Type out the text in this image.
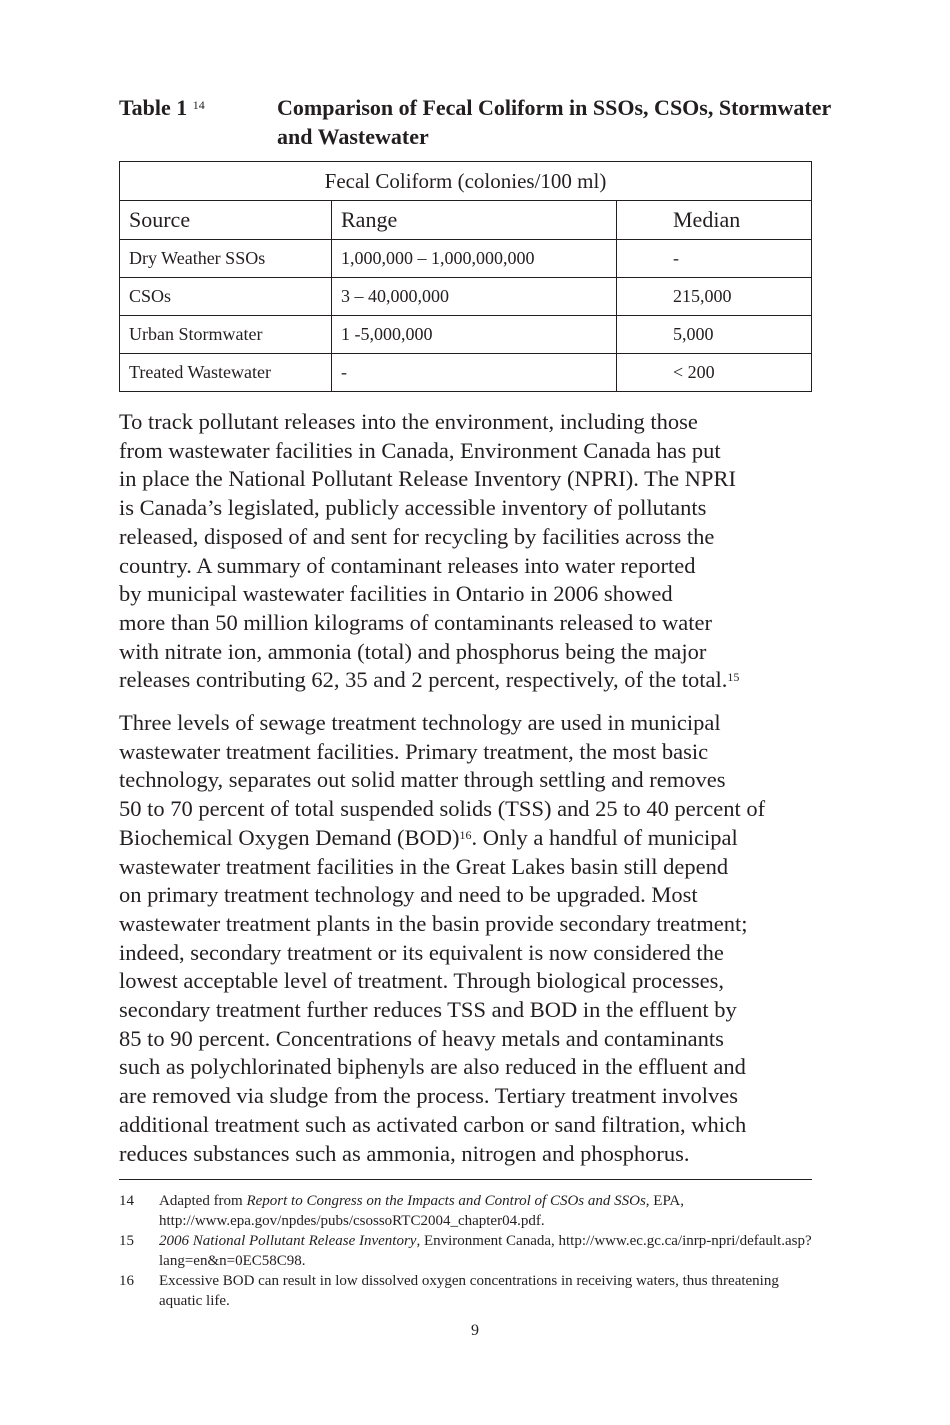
Table 1 $^{14}$	Comparison of Fecal Coliform in SSOs, CSOs, Stormwater and Wastewater
Fecal Coliform (colonies/100 ml)		
Source	Range	Median
Dry Weather SSOs	1,000,000 – 1,000,000,000	-
CSOs	3 – 40,000,000	215,000
Urban Stormwater	1 -5,000,000	5,000
Treated Wastewater	-	< 200
To track pollutant releases into the environment, including those
from wastewater facilities in Canada, Environment Canada has put
in place the National Pollutant Release Inventory (NPRI). The NPRI
is Canada’s legislated, publicly accessible inventory of pollutants
released, disposed of and sent for recycling by facilities across the
country. A summary of contaminant releases into water reported
by municipal wastewater facilities in Ontario in 2006 showed
more than 50 million kilograms of contaminants released to water
with nitrate ion, ammonia (total) and phosphorus being the major
releases contributing 62, 35 and 2 percent, respectively, of the total.$^{15}$
Three levels of sewage treatment technology are used in municipal
wastewater treatment facilities. Primary treatment, the most basic
technology, separates out solid matter through settling and removes
50 to 70 percent of total suspended solids (TSS) and 25 to 40 percent of
Biochemical Oxygen Demand (BOD)$^{16}$. Only a handful of municipal
wastewater treatment facilities in the Great Lakes basin still depend
on primary treatment technology and need to be upgraded. Most
wastewater treatment plants in the basin provide secondary treatment;
indeed, secondary treatment or its equivalent is now considered the
lowest acceptable level of treatment. Through biological processes,
secondary treatment further reduces TSS and BOD in the effluent by
85 to 90 percent. Concentrations of heavy metals and contaminants
such as polychlorinated biphenyls are also reduced in the effluent and
are removed via sludge from the process. Tertiary treatment involves
additional treatment such as activated carbon or sand filtration, which
reduces substances such as ammonia, nitrogen and phosphorus.
14 Adapted from Report to Congress on the Impacts and Control of CSOs and SSOs, EPA, http://www.epa.gov/npdes/pubs/csossoRTC2004_chapter04.pdf.
15 2006 National Pollutant Release Inventory, Environment Canada, http://www.ec.gc.ca/inrp-npri/default.asp?lang=en&n=0EC58C98.
16 Excessive BOD can result in low dissolved oxygen concentrations in receiving waters, thus threatening aquatic life.
9
